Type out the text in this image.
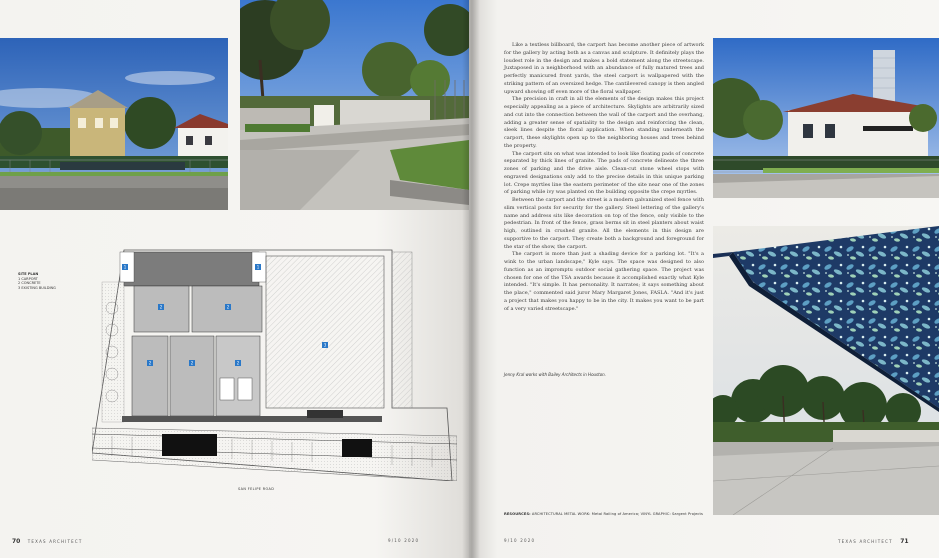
SITE PLAN
1 CARPORT
2 CONCRETE
3 EXISTING BUILDING
1	1
2	2
2	2	2
3
SAN FELIPE ROAD
70 TEXAS ARCHITECT	9/10 2020

Like a textless billboard, the carport has become another piece of artwork for the gallery by acting both as a canvas and sculpture. It definitely plays the loudest role in the design and makes a bold statement along the streetscape. Juxtaposed in a neighborhood with an abundance of fully matured trees and perfectly manicured front yards, the steel carport is wallpapered with the striking pattern of an oversized hedge. The cantilevered canopy is then angled upward showing off even more of the floral wallpaper.

The precision in craft in all the elements of the design makes this project especially appealing as a piece of architecture. Skylights are arbitrarily sized and cut into the connection between the wall of the carport and the overhang, adding a greater sense of spatiality to the design and reinforcing the clean, sleek lines despite the floral application. When standing underneath the carport, these skylights open up to the neighboring houses and trees behind the property.

The carport sits on what was intended to look like floating pads of concrete separated by thick lines of granite. The pads of concrete delineate the three zones of parking and the drive aisle. Clean-cut stone wheel stops with engraved designations only add to the precise details in this unique parking lot. Crepe myrtles line the eastern perimeter of the site near one of the zones of parking while ivy was planted on the building opposite the crepe myrtles.

Between the carport and the street is a modern galvanized steel fence with slim vertical posts for security for the gallery. Steel lettering of the gallery's name and address sits like decoration on top of the fence, only visible to the pedestrian. In front of the fence, grass berms sit in steel planters about waist high, outlined in crushed granite. All the elements in this design are supportive to the carport. They create both a background and foreground for the star of the show, the carport.

The carport is more than just a shading device for a parking lot. "It's a wink to the urban landscape," Kyle says. The space was designed to also function as an impromptu outdoor social gathering space. The project was chosen for one of the TSA awards because it accomplished exactly what Kyle intended. "It's simple. It has personality. It narrates; it says something about the place," commented said juror Mary Margaret Jones, FASLA. "And it's just a project that makes you happy to be in the city. It makes you want to be part of a very varied streetscape."

Jenny Kral works with Bailey Architects in Houston.
RESOURCES: ARCHITECTURAL METAL WORK: Metal Railing of America; VINYL GRAPHIC: Sargent Projects
9/10 2020	TEXAS ARCHITECT 71
